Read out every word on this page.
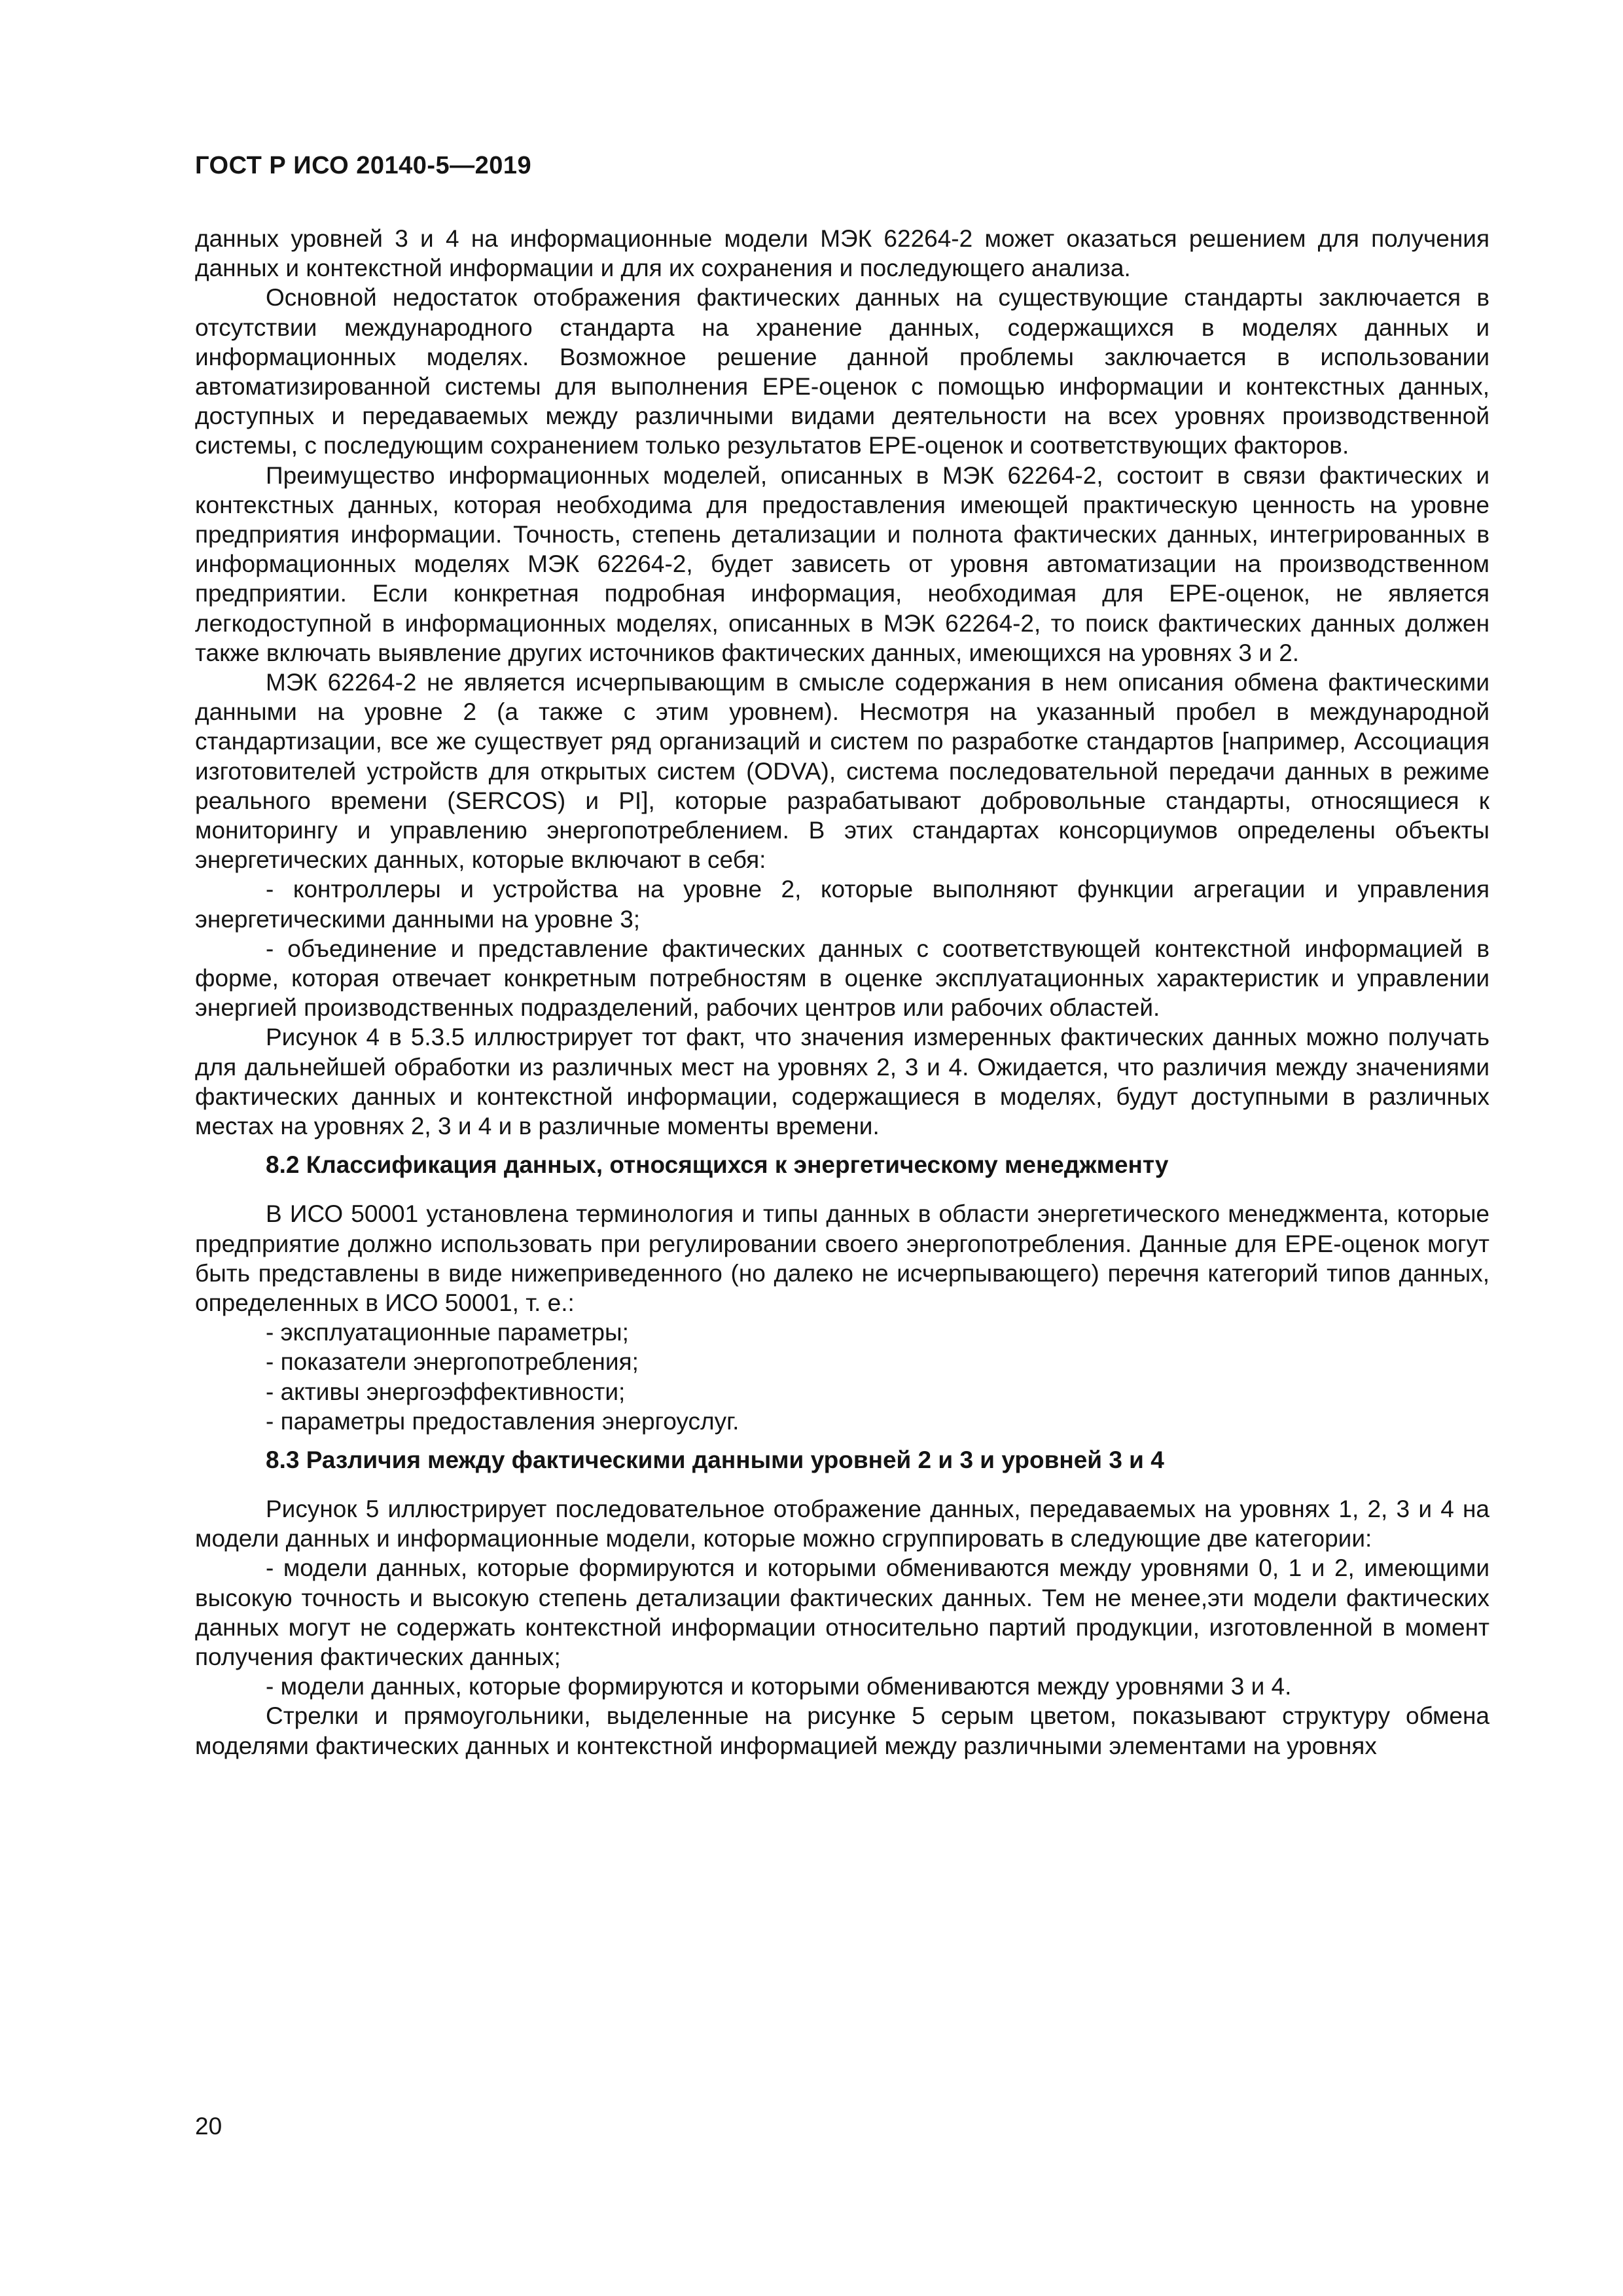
ГОСТ Р ИСО 20140-5—2019

данных уровней 3 и 4 на информационные модели МЭК 62264-2 может оказаться решением для получения данных и контекстной информации и для их сохранения и последующего анализа.

Основной недостаток отображения фактических данных на существующие стандарты заключается в отсутствии международного стандарта на хранение данных, содержащихся в моделях данных и информационных моделях. Возможное решение данной проблемы заключается в использовании автоматизированной системы для выполнения ЕРЕ-оценок с помощью информации и контекстных данных, доступных и передаваемых между различными видами деятельности на всех уровнях производственной системы, с последующим сохранением только результатов ЕРЕ-оценок и соответствующих факторов.

Преимущество информационных моделей, описанных в МЭК 62264-2, состоит в связи фактических и контекстных данных, которая необходима для предоставления имеющей практическую ценность на уровне предприятия информации. Точность, степень детализации и полнота фактических данных, интегрированных в информационных моделях МЭК 62264-2, будет зависеть от уровня автоматизации на производственном предприятии. Если конкретная подробная информация, необходимая для ЕРЕ-оценок, не является легкодоступной в информационных моделях, описанных в МЭК 62264-2, то поиск фактических данных должен также включать выявление других источников фактических данных, имеющихся на уровнях 3 и 2.

МЭК 62264-2 не является исчерпывающим в смысле содержания в нем описания обмена фактическими данными на уровне 2 (а также с этим уровнем). Несмотря на указанный пробел в международной стандартизации, все же существует ряд организаций и систем по разработке стандартов [например, Ассоциация изготовителей устройств для открытых систем (ODVA), система последовательной передачи данных в режиме реального времени (SERCOS) и PI], которые разрабатывают добровольные стандарты, относящиеся к мониторингу и управлению энергопотреблением. В этих стандартах консорциумов определены объекты энергетических данных, которые включают в себя:

- контроллеры и устройства на уровне 2, которые выполняют функции агрегации и управления энергетическими данными на уровне 3;

- объединение и представление фактических данных с соответствующей контекстной информацией в форме, которая отвечает конкретным потребностям в оценке эксплуатационных характеристик и управлении энергией производственных подразделений, рабочих центров или рабочих областей.

Рисунок 4 в 5.3.5 иллюстрирует тот факт, что значения измеренных фактических данных можно получать для дальнейшей обработки из различных мест на уровнях 2, 3 и 4. Ожидается, что различия между значениями фактических данных и контекстной информации, содержащиеся в моделях, будут доступными в различных местах на уровнях 2, 3 и 4 и в различные моменты времени.

8.2 Классификация данных, относящихся к энергетическому менеджменту

В ИСО 50001 установлена терминология и типы данных в области энергетического менеджмента, которые предприятие должно использовать при регулировании своего энергопотребления. Данные для ЕРЕ-оценок могут быть представлены в виде нижеприведенного (но далеко не исчерпывающего) перечня категорий типов данных, определенных в ИСО 50001, т. е.:

- эксплуатационные параметры;

- показатели энергопотребления;

- активы энергоэффективности;

- параметры предоставления энергоуслуг.

8.3 Различия между фактическими данными уровней 2 и 3 и уровней 3 и 4

Рисунок 5 иллюстрирует последовательное отображение данных, передаваемых на уровнях 1, 2, 3 и 4 на модели данных и информационные модели, которые можно сгруппировать в следующие две категории:

- модели данных, которые формируются и которыми обмениваются между уровнями 0, 1 и 2, имеющими высокую точность и высокую степень детализации фактических данных. Тем не менее,эти модели фактических данных могут не содержать контекстной информации относительно партий продукции, изготовленной в момент получения фактических данных;

- модели данных, которые формируются и которыми обмениваются между уровнями 3 и 4.

Стрелки и прямоугольники, выделенные на рисунке 5 серым цветом, показывают структуру обмена моделями фактических данных и контекстной информацией между различными элементами на уровнях

20
